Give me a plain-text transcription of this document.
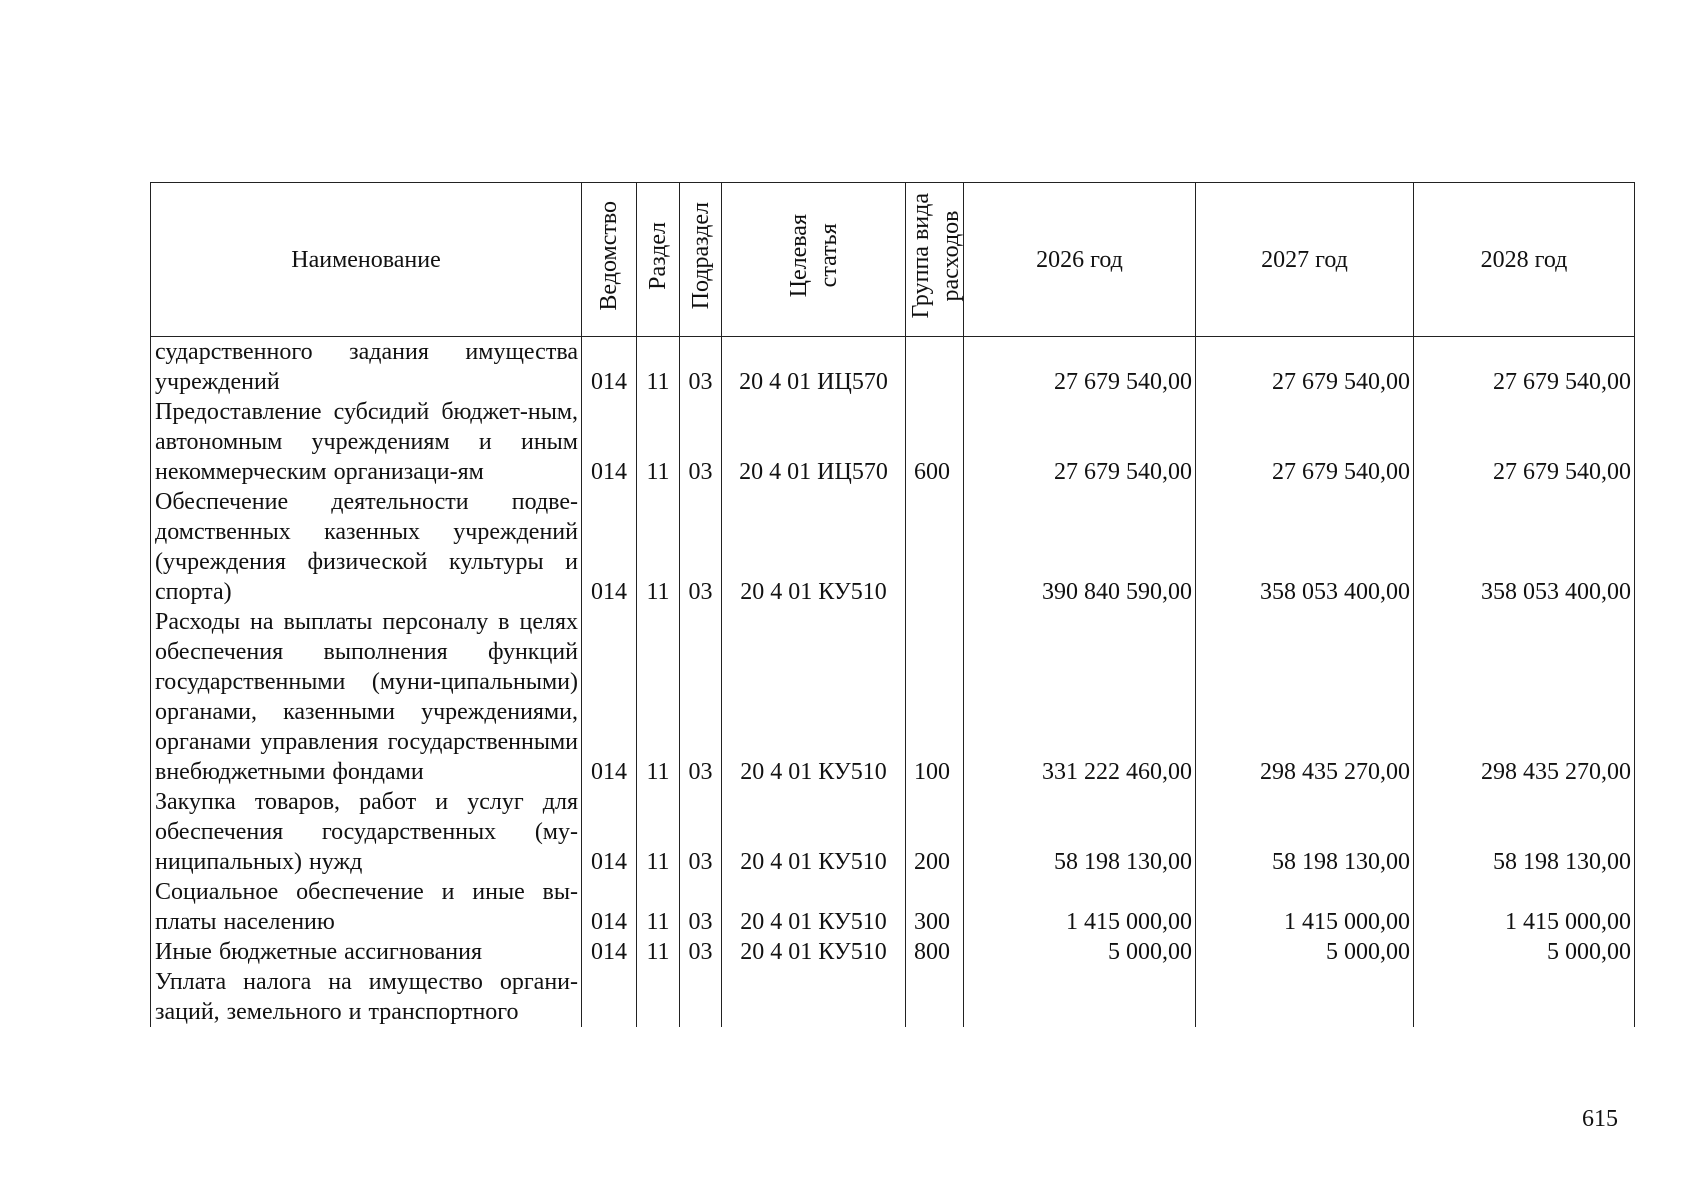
Наименование	Ведомство	Раздел	Подраздел	Целевая статья	Группа вида расходов	2026 год	2027 год	2028 год
сударственного задания имущества учреждений	014	11	03	20 4 01 ИЦ570		27 679 540,00	27 679 540,00	27 679 540,00
Предоставление субсидий бюджет-ным, автономным учреждениям и иным некоммерческим организаци-ям	014	11	03	20 4 01 ИЦ570	600	27 679 540,00	27 679 540,00	27 679 540,00
Обеспечение деятельности подве-домственных казенных учреждений (учреждения физической культуры и спорта)	014	11	03	20 4 01 КУ510		390 840 590,00	358 053 400,00	358 053 400,00
Расходы на выплаты персоналу в целях обеспечения выполнения функций государственными (муни-ципальными) органами, казенными учреждениями, органами управления государственными внебюджетными фондами	014	11	03	20 4 01 КУ510	100	331 222 460,00	298 435 270,00	298 435 270,00
Закупка товаров, работ и услуг для обеспечения государственных (му-ниципальных) нужд	014	11	03	20 4 01 КУ510	200	58 198 130,00	58 198 130,00	58 198 130,00
Социальное обеспечение и иные вы-платы населению	014	11	03	20 4 01 КУ510	300	1 415 000,00	1 415 000,00	1 415 000,00
Иные бюджетные ассигнования	014	11	03	20 4 01 КУ510	800	5 000,00	5 000,00	5 000,00
Уплата налога на имущество органи-заций, земельного и транспортного								
615
